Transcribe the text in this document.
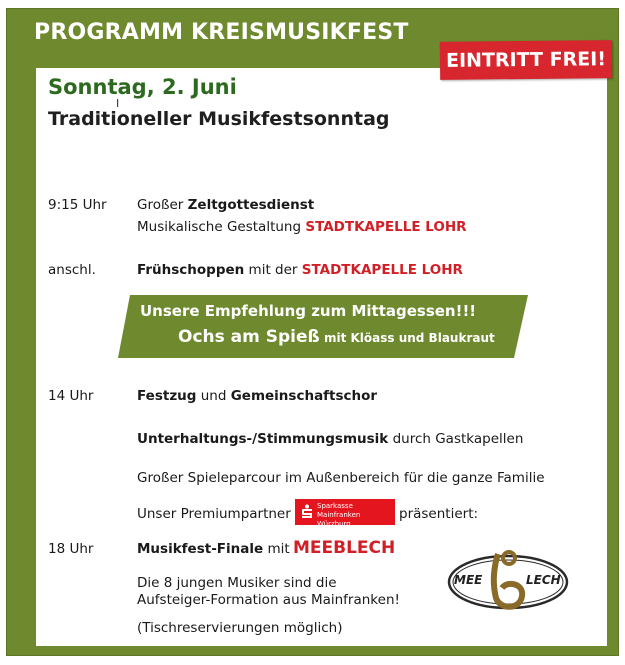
PROGRAMM KREISMUSIKFEST
EINTRITT FREI!
Sonntag, 2. Juni
I
Traditioneller Musikfestsonntag
9:15 Uhr Großer Zeltgottesdienst
Musikalische Gestaltung STADTKAPELLE LOHR
anschl.	Frühschoppen mit der STADTKAPELLE LOHR
Unsere Empfehlung zum Mittagessen!!!
Ochs am Spieß mit Klöass und Blaukraut
14 Uhr	Festzug und Gemeinschaftschor
Unterhaltungs-/Stimmungsmusik durch Gastkapellen
Großer Spieleparcour im Außenbereich für die ganze Familie
Unser Premiumpartner	Sparkasse
Mainfranken Würzburg
präsentiert:
18 Uhr	Musikfest-Finale mit MEEBLECH
Die 8 jungen Musiker sind die
Aufsteiger-Formation aus Mainfranken!
(Tischreservierungen möglich)
MEE	LECH
